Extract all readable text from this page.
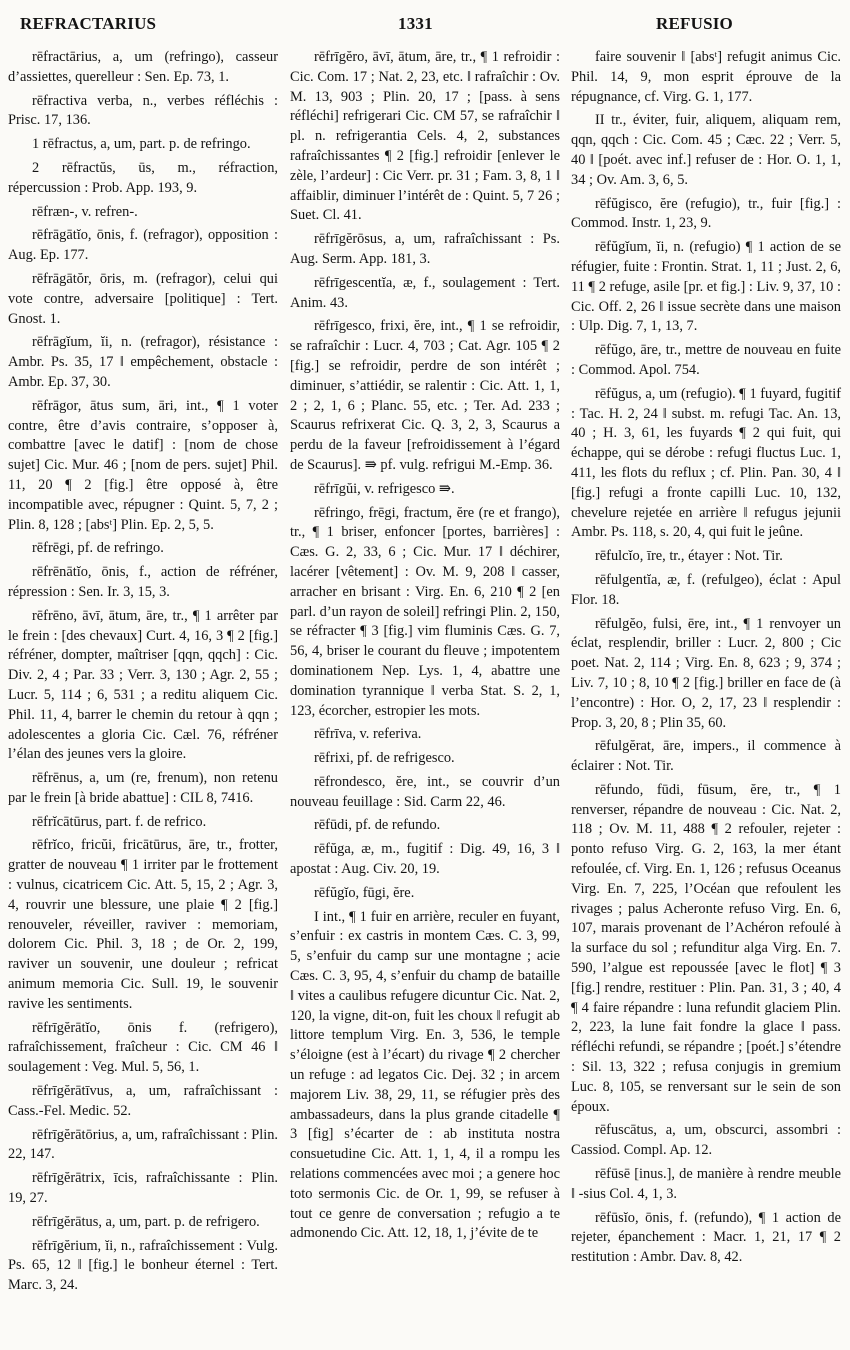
REFRACTARIUS	1331	REFUSIO

rēfractārius, a, um (refringo), casseur d’assiettes, querelleur : Sen. Ep. 73, 1.

rēfractiva verba, n., verbes réfléchis : Prisc. 17, 136.

1 rēfractus, a, um, part. p. de refringo.

2 rēfractŭs, ūs, m., réfraction, répercussion : Prob. App. 193, 9.

rēfræn-, v. refren-.

rēfrāgātĭo, ōnis, f. (refragor), opposition : Aug. Ep. 177.

rēfrāgātŏr, ōris, m. (refragor), celui qui vote contre, adversaire [politique] : Tert. Gnost. 1.

rēfrāgĭum, ĭi, n. (refragor), résistance : Ambr. Ps. 35, 17 ‖ empêchement, obstacle : Ambr. Ep. 37, 30.

rēfrāgor, ātus sum, āri, int., ¶ 1 voter contre, être d’avis contraire, s’opposer à, combattre [avec le datif] : [nom de chose sujet] Cic. Mur. 46 ; [nom de pers. sujet] Phil. 11, 20 ¶ 2 [fig.] être opposé à, être incompatible avec, répugner : Quint. 5, 7, 2 ; Plin. 8, 128 ; [absᵗ] Plin. Ep. 2, 5, 5.

rēfrēgi, pf. de refringo.

rēfrēnātĭo, ōnis, f., action de réfréner, répression : Sen. Ir. 3, 15, 3.

rēfrēno, āvī, ātum, āre, tr., ¶ 1 arrêter par le frein : [des chevaux] Curt. 4, 16, 3 ¶ 2 [fig.] réfréner, dompter, maîtriser [qqn, qqch] : Cic. Div. 2, 4 ; Par. 33 ; Verr. 3, 130 ; Agr. 2, 55 ; Lucr. 5, 114 ; 6, 531 ; a reditu aliquem Cic. Phil. 11, 4, barrer le chemin du retour à qqn ; adolescentes a gloria Cic. Cæl. 76, réfréner l’élan des jeunes vers la gloire.

rēfrēnus, a, um (re, frenum), non retenu par le frein [à bride abattue] : CIL 8, 7416.

rēfrĭcātūrus, part. f. de refrico.

rēfrĭco, fricŭi, fricātūrus, āre, tr., frotter, gratter de nouveau ¶ 1 irriter par le frottement : vulnus, cicatricem Cic. Att. 5, 15, 2 ; Agr. 3, 4, rouvrir une blessure, une plaie ¶ 2 [fig.] renouveler, réveiller, raviver : memoriam, dolorem Cic. Phil. 3, 18 ; de Or. 2, 199, raviver un souvenir, une douleur ; refricat animum memoria Cic. Sull. 19, le souvenir ravive les sentiments.

rēfrīgĕrātĭo, ōnis f. (refrigero), rafraîchissement, fraîcheur : Cic. CM 46 ‖ soulagement : Veg. Mul. 5, 56, 1.

rēfrīgĕrātīvus, a, um, rafraîchissant : Cass.-Fel. Medic. 52.

rēfrīgĕrātōrius, a, um, rafraîchissant : Plin. 22, 147.

rēfrīgĕrātrix, īcis, rafraîchissante : Plin. 19, 27.

rēfrīgĕrātus, a, um, part. p. de refrigero.

rēfrīgĕrium, ĭi, n., rafraîchissement : Vulg. Ps. 65, 12 ‖ [fig.] le bonheur éternel : Tert. Marc. 3, 24.

rēfrīgĕro, āvī, ātum, āre, tr., ¶ 1 refroidir : Cic. Com. 17 ; Nat. 2, 23, etc. ‖ rafraîchir : Ov. M. 13, 903 ; Plin. 20, 17 ; [pass. à sens réfléchi] refrigerari Cic. CM 57, se rafraîchir ‖ pl. n. refrigerantia Cels. 4, 2, substances rafraîchissantes ¶ 2 [fig.] refroidir [enlever le zèle, l’ardeur] : Cic Verr. pr. 31 ; Fam. 3, 8, 1 ‖ affaiblir, diminuer l’intérêt de : Quint. 5, 7 26 ; Suet. Cl. 41.

rēfrīgĕrōsus, a, um, rafraîchissant : Ps. Aug. Serm. App. 181, 3.

rēfrīgescentĭa, æ, f., soulagement : Tert. Anim. 43.

rēfrīgesco, frixi, ĕre, int., ¶ 1 se refroidir, se rafraîchir : Lucr. 4, 703 ; Cat. Agr. 105 ¶ 2 [fig.] se refroidir, perdre de son intérêt ; diminuer, s’attiédir, se ralentir : Cic. Att. 1, 1, 2 ; 2, 1, 6 ; Planc. 55, etc. ; Ter. Ad. 233 ; Scaurus refrixerat Cic. Q. 3, 2, 3, Scaurus a perdu de la faveur [refroidissement à l’égard de Scaurus]. ⇛ pf. vulg. refrigui M.-Emp. 36.

rēfrīgŭi, v. refrigesco ⇛.

rēfringo, frēgi, fractum, ĕre (re et frango), tr., ¶ 1 briser, enfoncer [portes, barrières] : Cæs. G. 2, 33, 6 ; Cic. Mur. 17 ‖ déchirer, lacérer [vêtement] : Ov. M. 9, 208 ‖ casser, arracher en brisant : Virg. En. 6, 210 ¶ 2 [en parl. d’un rayon de soleil] refringi Plin. 2, 150, se réfracter ¶ 3 [fig.] vim fluminis Cæs. G. 7, 56, 4, briser le courant du fleuve ; impotentem dominationem Nep. Lys. 1, 4, abattre une domination tyrannique ‖ verba Stat. S. 2, 1, 123, écorcher, estropier les mots.

rēfrīva, v. referiva.

rēfrixi, pf. de refrigesco.

rēfrondesco, ĕre, int., se couvrir d’un nouveau feuillage : Sid. Carm 22, 46.

rēfūdi, pf. de refundo.

rēfŭga, æ, m., fugitif : Dig. 49, 16, 3 ‖ apostat : Aug. Civ. 20, 19.

rēfŭgĭo, fūgi, ĕre.

I int., ¶ 1 fuir en arrière, reculer en fuyant, s’enfuir : ex castris in montem Cæs. C. 3, 99, 5, s’enfuir du camp sur une montagne ; acie Cæs. C. 3, 95, 4, s’enfuir du champ de bataille ‖ vites a caulibus refugere dicuntur Cic. Nat. 2, 120, la vigne, dit-on, fuit les choux ‖ refugit ab littore templum Virg. En. 3, 536, le temple s’éloigne (est à l’écart) du rivage ¶ 2 chercher un refuge : ad legatos Cic. Dej. 32 ; in arcem majorem Liv. 38, 29, 11, se réfugier près des ambassadeurs, dans la plus grande citadelle ¶ 3 [fig] s’écarter de : ab instituta nostra consuetudine Cic. Att. 1, 1, 4, il a rompu les relations commencées avec moi ; a genere hoc toto sermonis Cic. de Or. 1, 99, se refuser à tout ce genre de conversation ; refugio a te admonendo Cic. Att. 12, 18, 1, j’évite de te

faire souvenir ‖ [absᵗ] refugit animus Cic. Phil. 14, 9, mon esprit éprouve de la répugnance, cf. Virg. G. 1, 177.

II tr., éviter, fuir, aliquem, aliquam rem, qqn, qqch : Cic. Com. 45 ; Cæc. 22 ; Verr. 5, 40 ‖ [poét. avec inf.] refuser de : Hor. O. 1, 1, 34 ; Ov. Am. 3, 6, 5.

rēfŭgisco, ĕre (refugio), tr., fuir [fig.] : Commod. Instr. 1, 23, 9.

rēfŭgĭum, ĭi, n. (refugio) ¶ 1 action de se réfugier, fuite : Frontin. Strat. 1, 11 ; Just. 2, 6, 11 ¶ 2 refuge, asile [pr. et fig.] : Liv. 9, 37, 10 : Cic. Off. 2, 26 ‖ issue secrète dans une maison : Ulp. Dig. 7, 1, 13, 7.

rēfŭgo, āre, tr., mettre de nouveau en fuite : Commod. Apol. 754.

rēfŭgus, a, um (refugio). ¶ 1 fuyard, fugitif : Tac. H. 2, 24 ‖ subst. m. refugi Tac. An. 13, 40 ; H. 3, 61, les fuyards ¶ 2 qui fuit, qui échappe, qui se dérobe : refugi fluctus Luc. 1, 411, les flots du reflux ; cf. Plin. Pan. 30, 4 ‖ [fig.] refugi a fronte capilli Luc. 10, 132, chevelure rejetée en arrière ‖ refugus jejunii Ambr. Ps. 118, s. 20, 4, qui fuit le jeûne.

rēfulcĭo, īre, tr., étayer : Not. Tir.

rēfulgentĭa, æ, f. (refulgeo), éclat : Apul Flor. 18.

rēfulgĕo, fulsi, ēre, int., ¶ 1 renvoyer un éclat, resplendir, briller : Lucr. 2, 800 ; Cic poet. Nat. 2, 114 ; Virg. En. 8, 623 ; 9, 374 ; Liv. 7, 10 ; 8, 10 ¶ 2 [fig.] briller en face de (à l’encontre) : Hor. O, 2, 17, 23 ‖ resplendir : Prop. 3, 20, 8 ; Plin 35, 60.

rēfulgĕrat, āre, impers., il commence à éclairer : Not. Tir.

rēfundo, fūdi, fūsum, ĕre, tr., ¶ 1 renverser, répandre de nouveau : Cic. Nat. 2, 118 ; Ov. M. 11, 488 ¶ 2 refouler, rejeter : ponto refuso Virg. G. 2, 163, la mer étant refoulée, cf. Virg. En. 1, 126 ; refusus Oceanus Virg. En. 7, 225, l’Océan que refoulent les rivages ; palus Acheronte refuso Virg. En. 6, 107, marais provenant de l’Achéron refoulé à la surface du sol ; refunditur alga Virg. En. 7. 590, l’algue est repoussée [avec le flot] ¶ 3 [fig.] rendre, restituer : Plin. Pan. 31, 3 ; 40, 4 ¶ 4 faire répandre : luna refundit glaciem Plin. 2, 223, la lune fait fondre la glace ‖ pass. réfléchi refundi, se répandre ; [poét.] s’étendre : Sil. 13, 322 ; refusa conjugis in gremium Luc. 8, 105, se renversant sur le sein de son époux.

rēfuscātus, a, um, obscurci, assombri : Cassiod. Compl. Ap. 12.

rēfūsē [inus.], de manière à rendre meuble ‖ -sius Col. 4, 1, 3.

rēfūsĭo, ōnis, f. (refundo), ¶ 1 action de rejeter, épanchement : Macr. 1, 21, 17 ¶ 2 restitution : Ambr. Dav. 8, 42.
